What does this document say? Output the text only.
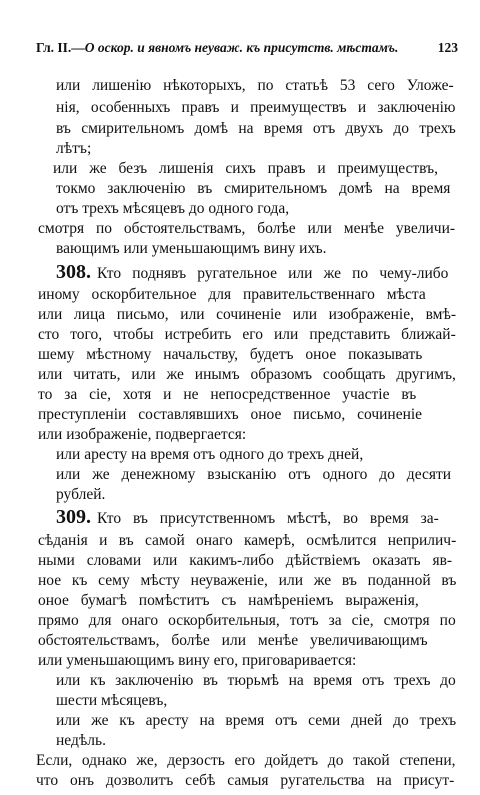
Гл. II.—О оскор. и явномъ неуваж. къ присутств. мѣстамъ.	123
или лишенію нѣкоторыхъ, по статьѣ 53 сего Уложе-
нія, особенныхъ правъ и преимуществъ и заключенію
въ смирительномъ домѣ на время отъ двухъ до трехъ
лѣтъ;
или же безъ лишенія сихъ правъ и преимуществъ,
токмо заключенію въ смирительномъ домѣ на время
отъ трехъ мѣсяцевъ до одного года,
смотря по обстоятельствамъ, болѣе или менѣе увеличи-
вающимъ или уменьшающимъ вину ихъ.
308. Кто поднявъ ругательное или же по чему-либо
иному оскорбительное для правительственнаго мѣста
или лица письмо, или сочиненіе или изображеніе, вмѣ-
сто того, чтобы истребить его или представить ближай-
шему мѣстному начальству, будетъ оное показывать
или читать, или же инымъ образомъ сообщать другимъ,
то за сіе, хотя и не непосредственное участіе въ
преступленіи составлявшихъ оное письмо, сочиненіе
или изображеніе, подвергается:
или аресту на время отъ одного до трехъ дней,
или же денежному взысканію отъ одного до десяти
рублей.
309. Кто въ присутственномъ мѣстѣ, во время за-
сѣданія и въ самой онаго камерѣ, осмѣлится неприлич-
ными словами или какимъ-либо дѣйствіемъ оказать яв-
ное къ сему мѣсту неуваженіе, или же въ поданной въ
оное бумагѣ помѣститъ съ намѣреніемъ выраженія,
прямо для онаго оскорбительныя, тотъ за сіе, смотря по
обстоятельствамъ, болѣе или менѣе увеличивающимъ
или уменьшающимъ вину его, приговаривается:
или къ заключенію въ тюрьмѣ на время отъ трехъ до
шести мѣсяцевъ,
или же къ аресту на время отъ семи дней до трехъ
недѣль.
Если, однако же, дерзость его дойдетъ до такой степени,
что онъ дозволитъ себѣ самыя ругательства на присут-
